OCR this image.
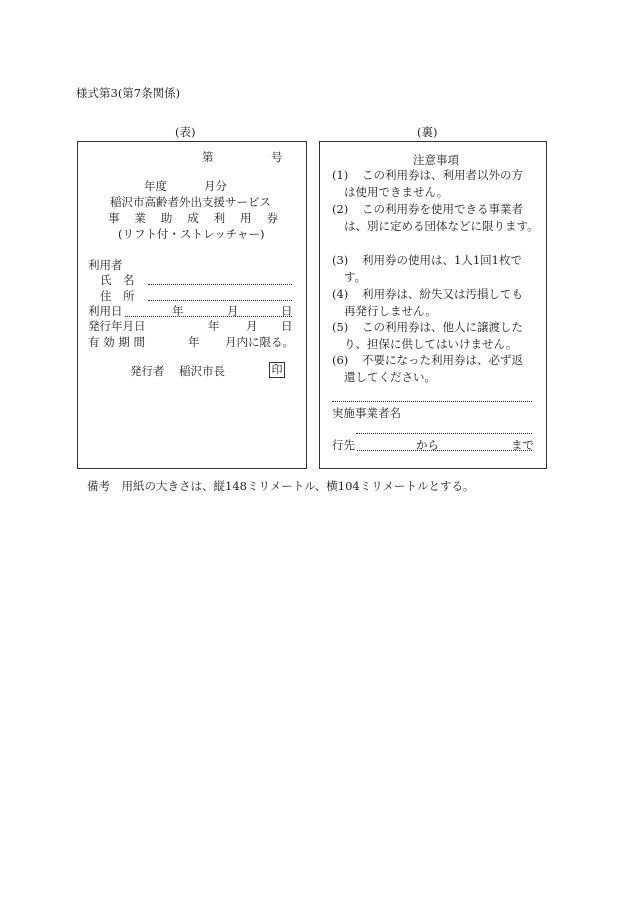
様式第3(第7条関係)
(表)	(裏)
第	号
年度	月分
稲沢市高齢者外出支援サービス
事 業 助 成 利 用 券
(リフト付・ストレッチャー)
利用者
氏　名
住　所
利用日	年	月	日
発行年月日	年 月 日
有 効 期 間	年 月内に限る。
発行者 稲沢市長	印
注意事項
(1)	この利用券は、利用者以外の方
は使用できません。
(2)	この利用券を使用できる事業者
は、別に定める団体などに限ります。
(3)	利用券の使用は、1人1回1枚で
す。
(4)	利用券は、紛失又は汚損しても
再発行しません。
(5)	この利用券は、他人に譲渡した
り、担保に供してはいけません。
(6)	不要になった利用券は、必ず返
還してください。
実施事業者名
行先	から	まで
備考　用紙の大きさは、縦148ミリメートル、横104ミリメートルとする。
